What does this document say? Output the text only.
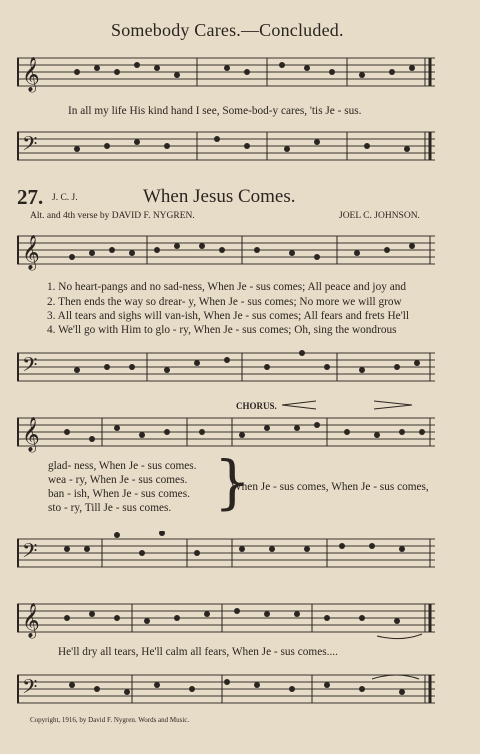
Somebody Cares.—Concluded.
𝄞
In all my life His kind hand I see, Some-bod-y cares, 'tis Je - sus.
𝄢
27. J. C. J.	When Jesus Comes.
Alt. and 4th verse by DAVID F. NYGREN.	JOEL C. JOHNSON.
𝄞
1. No heart-pangs and no sad-ness, When Je - sus comes; All peace and joy and
2. Then ends the way so drear- y, When Je - sus comes; No more we will grow
3. All tears and sighs will van-ish, When Je - sus comes; All fears and frets He'll
4. We'll go with Him to glo - ry, When Je - sus comes; Oh, sing the wondrous
𝄢
CHORUS.
𝄞
glad- ness, When Je - sus comes.
wea - ry, When Je - sus comes.
ban - ish, When Je - sus comes.
sto - ry, Till Je - sus comes. }
When Je - sus comes, When Je - sus comes,
𝄢
𝄞
He'll dry all tears, He'll calm all fears, When Je - sus comes....
𝄢
Copyright, 1916, by David F. Nygren. Words and Music.
